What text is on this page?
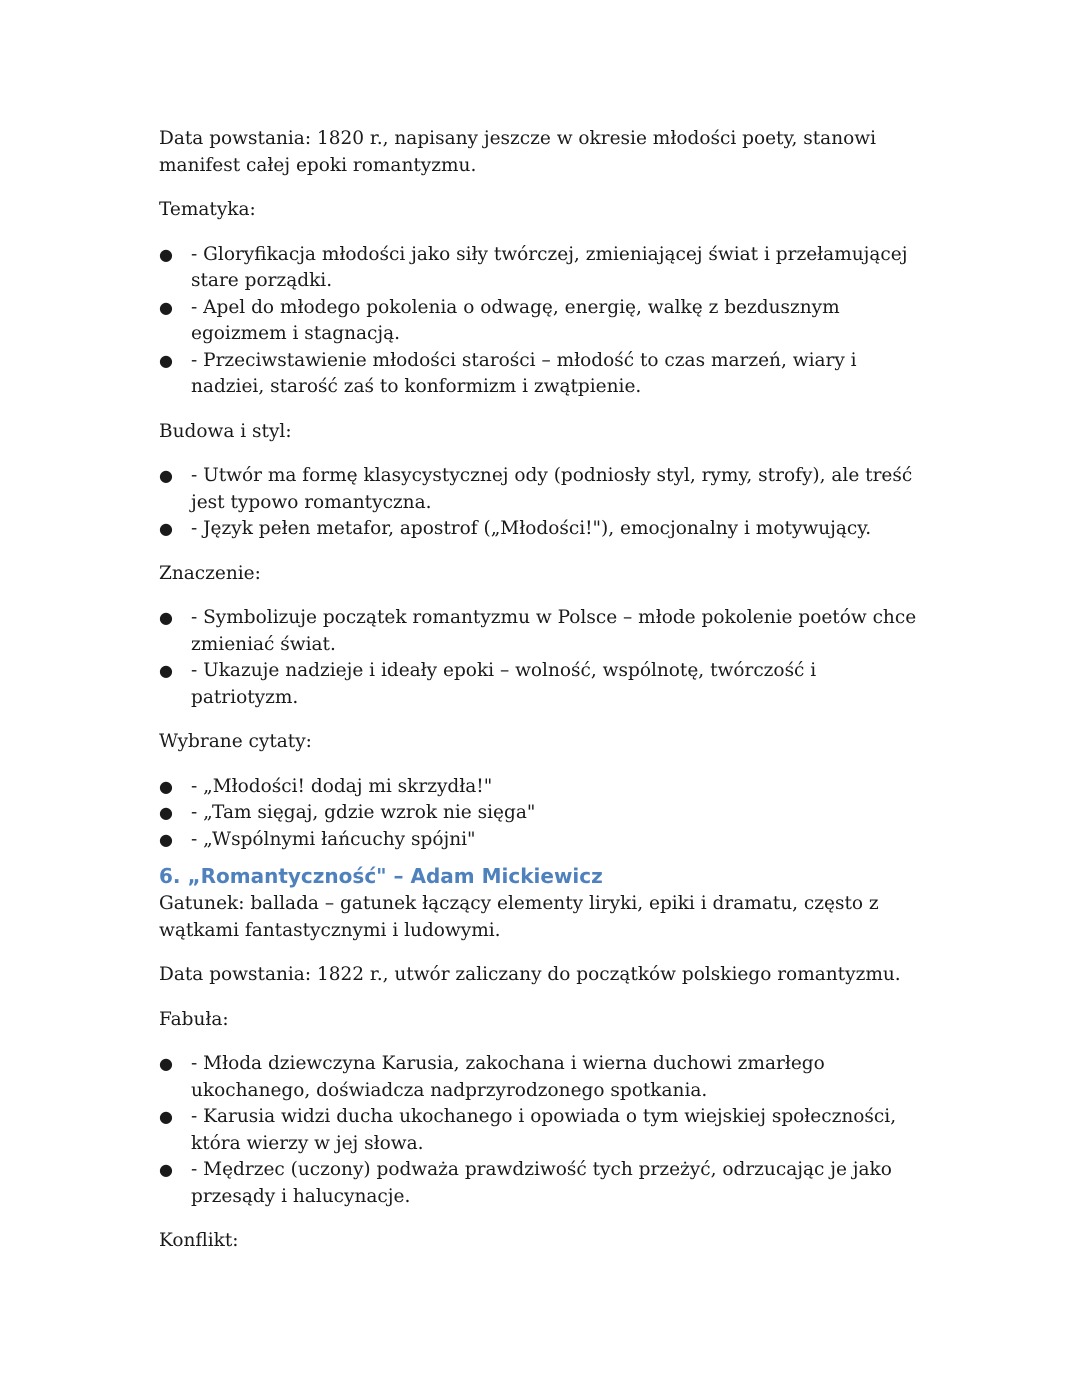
Data powstania: 1820 r., napisany jeszcze w okresie młodości poety, stanowi manifest całej epoki romantyzmu.

Tematyka:

● - Gloryfikacja młodości jako siły twórczej, zmieniającej świat i przełamującej stare porządki.
● - Apel do młodego pokolenia o odwagę, energię, walkę z bezdusznym egoizmem i stagnacją.
● - Przeciwstawienie młodości starości – młodość to czas marzeń, wiary i nadziei, starość zaś to konformizm i zwątpienie.

Budowa i styl:

● - Utwór ma formę klasycystycznej ody (podniosły styl, rymy, strofy), ale treść jest typowo romantyczna.
● - Język pełen metafor, apostrof („Młodości!"), emocjonalny i motywujący.

Znaczenie:

● - Symbolizuje początek romantyzmu w Polsce – młode pokolenie poetów chce zmieniać świat.
● - Ukazuje nadzieje i ideały epoki – wolność, wspólnotę, twórczość i patriotyzm.

Wybrane cytaty:

● - „Młodości! dodaj mi skrzydła!"
● - „Tam sięgaj, gdzie wzrok nie sięga"
● - „Wspólnymi łańcuchy spójni"
6. „Romantyczność" – Adam Mickiewicz

Gatunek: ballada – gatunek łączący elementy liryki, epiki i dramatu, często z wątkami fantastycznymi i ludowymi.

Data powstania: 1822 r., utwór zaliczany do początków polskiego romantyzmu.

Fabuła:

● - Młoda dziewczyna Karusia, zakochana i wierna duchowi zmarłego ukochanego, doświadcza nadprzyrodzonego spotkania.
● - Karusia widzi ducha ukochanego i opowiada o tym wiejskiej społeczności, która wierzy w jej słowa.
● - Mędrzec (uczony) podważa prawdziwość tych przeżyć, odrzucając je jako przesądy i halucynacje.

Konflikt:
